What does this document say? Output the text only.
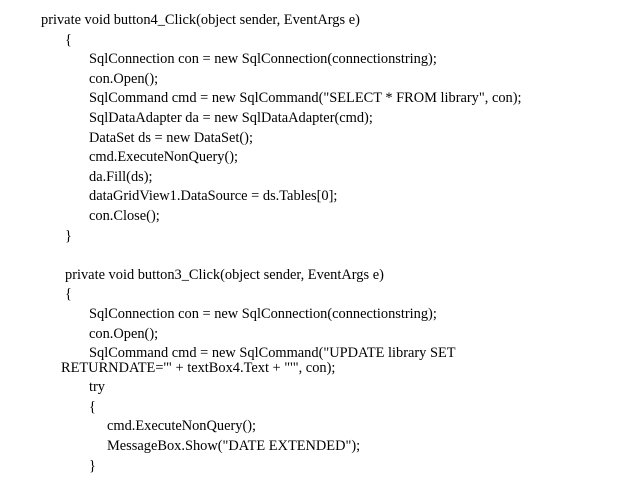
private void button4_Click(object sender, EventArgs e)
{
SqlConnection con = new SqlConnection(connectionstring);
con.Open();
SqlCommand cmd = new SqlCommand("SELECT * FROM library", con);
SqlDataAdapter da = new SqlDataAdapter(cmd);
DataSet ds = new DataSet();
cmd.ExecuteNonQuery();
da.Fill(ds);
dataGridView1.DataSource = ds.Tables[0];
con.Close();
}
private void button3_Click(object sender, EventArgs e)
{
SqlConnection con = new SqlConnection(connectionstring);
con.Open();
SqlCommand cmd = new SqlCommand("UPDATE library SET
RETURNDATE='" + textBox4.Text + "'", con);
try
{
cmd.ExecuteNonQuery();
MessageBox.Show("DATE EXTENDED");
}
